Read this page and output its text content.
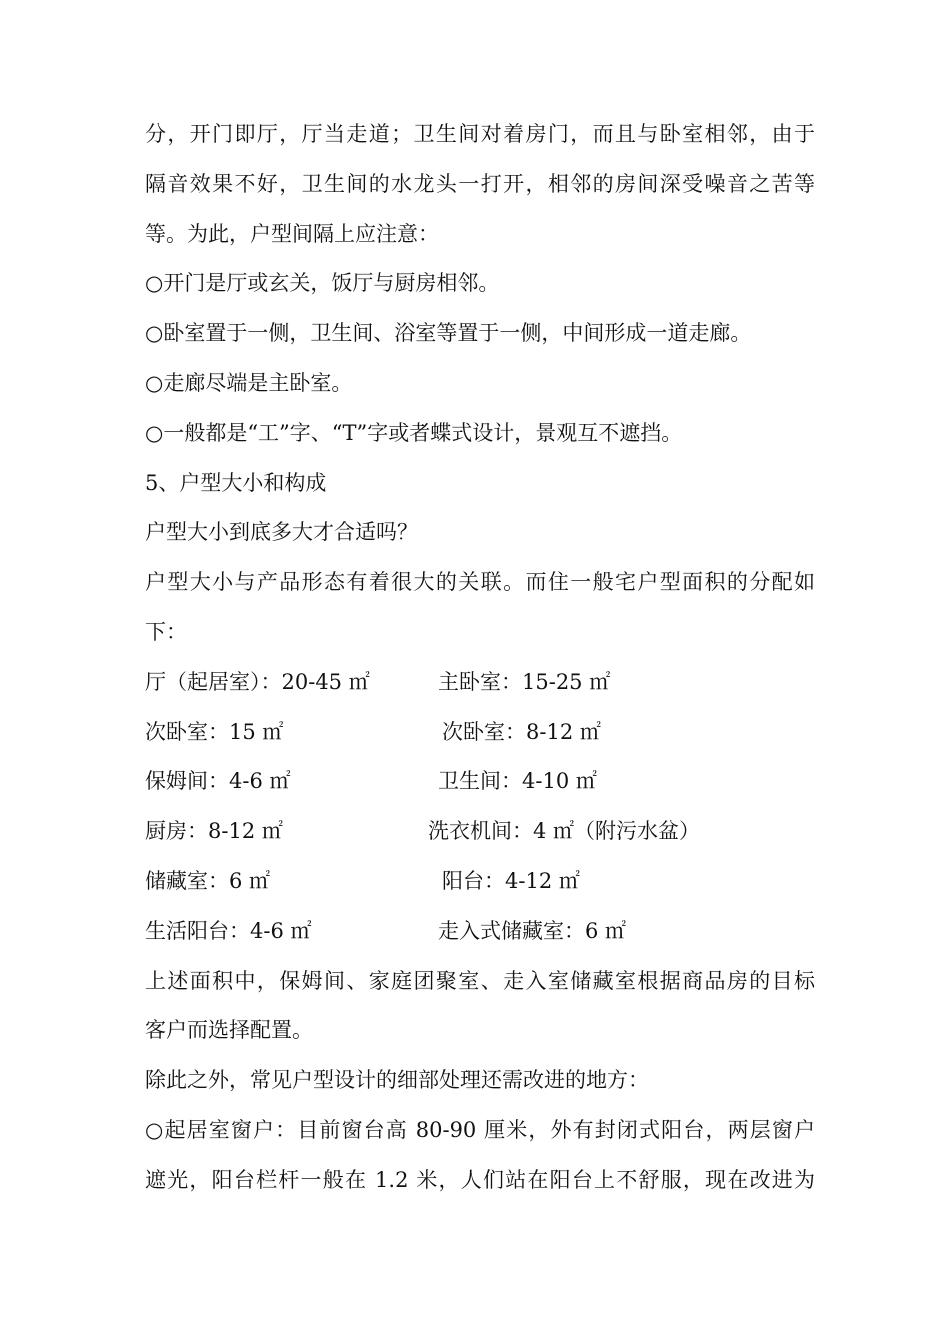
分，开门即厅，厅当走道；卫生间对着房门，而且与卧室相邻，由于
隔音效果不好，卫生间的水龙头一打开，相邻的房间深受噪音之苦等
等。为此，户型间隔上应注意：
○开门是厅或玄关，饭厅与厨房相邻。
○卧室置于一侧，卫生间、浴室等置于一侧，中间形成一道走廊。
○走廊尽端是主卧室。
○一般都是“工”字、“T”字或者蝶式设计，景观互不遮挡。
5、户型大小和构成
户型大小到底多大才合适吗？
户型大小与产品形态有着很大的关联。而住一般宅户型面积的分配如
下：
厅（起居室）：20-45 ㎡	主卧室：15-25 ㎡
次卧室：15 ㎡	次卧室：8-12 ㎡
保姆间：4-6 ㎡	卫生间：4-10 ㎡
厨房：8-12 ㎡	洗衣机间：4 ㎡（附污水盆）
储藏室：6 ㎡	阳台：4-12 ㎡
生活阳台：4-6 ㎡	走入式储藏室：6 ㎡
上述面积中，保姆间、家庭团聚室、走入室储藏室根据商品房的目标
客户而选择配置。
除此之外，常见户型设计的细部处理还需改进的地方：
○起居室窗户：目前窗台高 80-90 厘米，外有封闭式阳台，两层窗户
遮光，阳台栏杆一般在 1.2 米，人们站在阳台上不舒服，现在改进为
